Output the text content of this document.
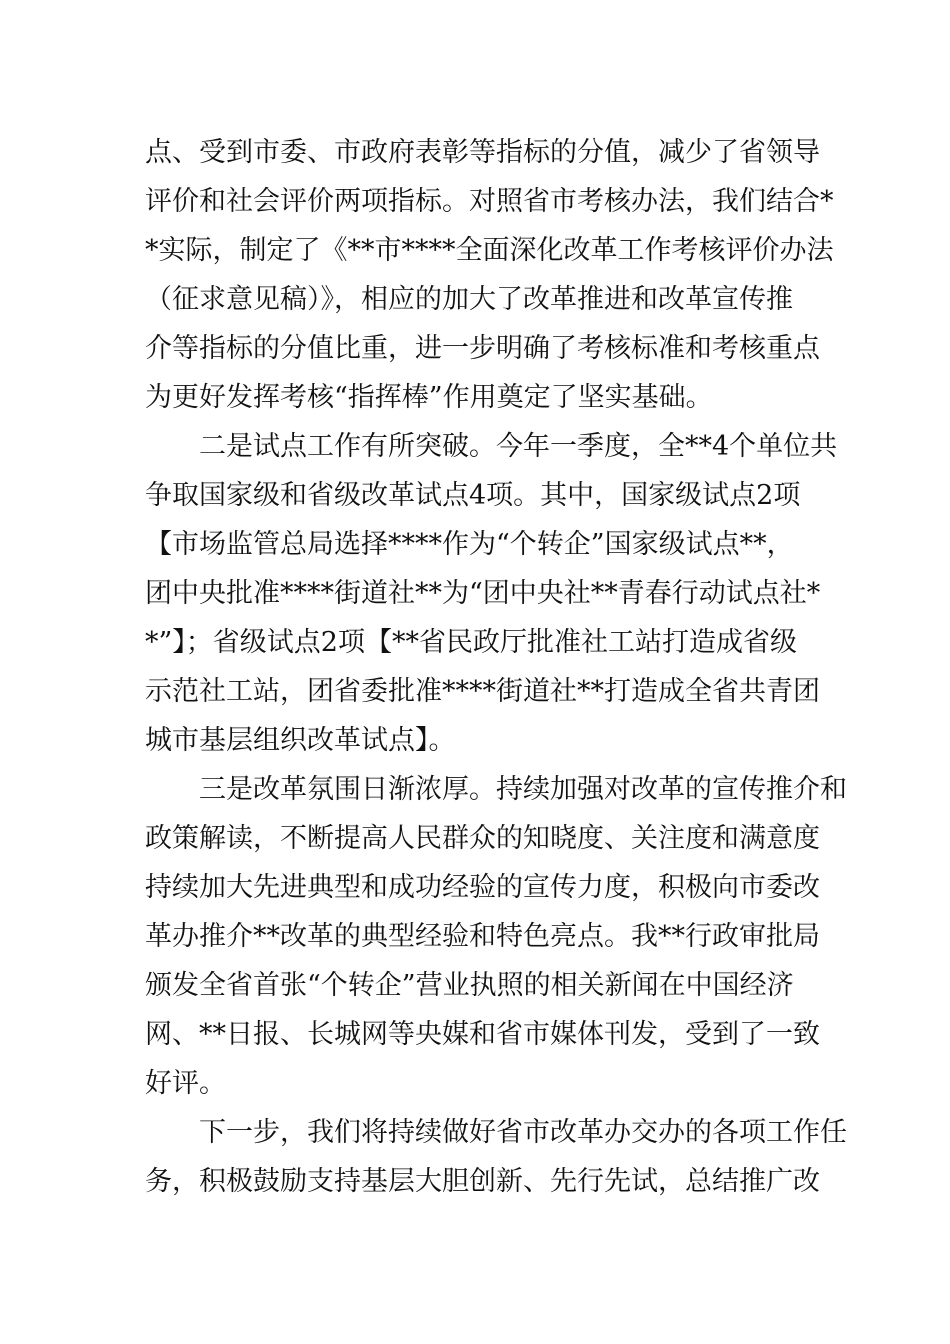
点、受到市委、市政府表彰等指标的分值，减少了省领导
评价和社会评价两项指标。对照省市考核办法，我们结合*
*实际，制定了《**市****全面深化改革工作考核评价办法
（征求意见稿）》，相应的加大了改革推进和改革宣传推
介等指标的分值比重，进一步明确了考核标准和考核重点
为更好发挥考核“指挥棒”作用奠定了坚实基础。
二是试点工作有所突破。今年一季度，全**4个单位共
争取国家级和省级改革试点4项。其中，国家级试点2项
【市场监管总局选择****作为“个转企”国家级试点**，
团中央批准****街道社**为“团中央社**青春行动试点社*
*”】；省级试点2项【**省民政厅批准社工站打造成省级
示范社工站，团省委批准****街道社**打造成全省共青团
城市基层组织改革试点】。
三是改革氛围日渐浓厚。持续加强对改革的宣传推介和
政策解读，不断提高人民群众的知晓度、关注度和满意度
持续加大先进典型和成功经验的宣传力度，积极向市委改
革办推介**改革的典型经验和特色亮点。我**行政审批局
颁发全省首张“个转企”营业执照的相关新闻在中国经济
网、**日报、长城网等央媒和省市媒体刊发，受到了一致
好评。
下一步，我们将持续做好省市改革办交办的各项工作任
务，积极鼓励支持基层大胆创新、先行先试，总结推广改
